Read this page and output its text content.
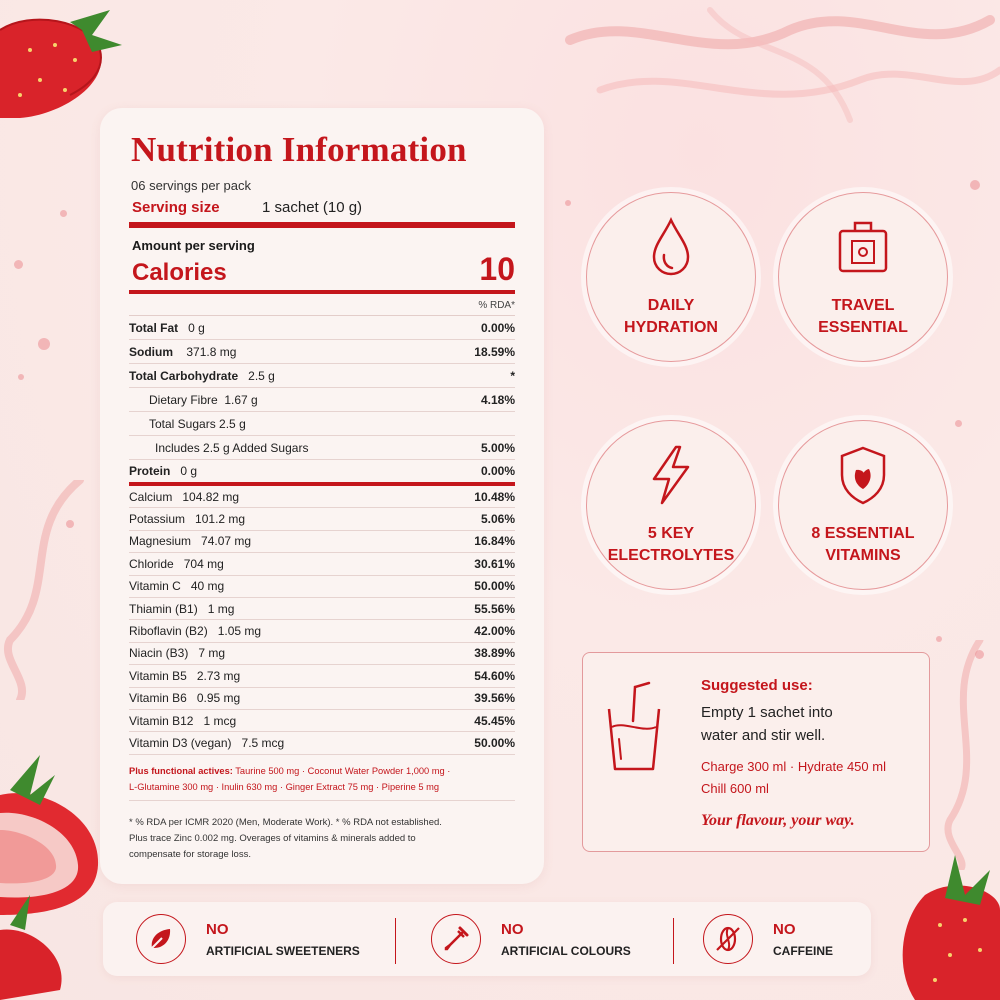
Nutrition Information
06 servings per pack
Serving size	1 sachet (10 g)
Amount per serving
Calories	10
% RDA*
Total Fat 0 g	0.00%
Sodium 371.8 mg	18.59%
Total Carbohydrate 2.5 g	*
Dietary Fibre 1.67 g	4.18%
Total Sugars 2.5 g
Includes 2.5 g Added Sugars	5.00%
Protein 0 g	0.00%
Calcium 104.82 mg	10.48%
Potassium 101.2 mg	5.06%
Magnesium 74.07 mg	16.84%
Chloride 704 mg	30.61%
Vitamin C 40 mg	50.00%
Thiamin (B1) 1 mg	55.56%
Riboflavin (B2) 1.05 mg	42.00%
Niacin (B3) 7 mg	38.89%
Vitamin B5 2.73 mg	54.60%
Vitamin B6 0.95 mg	39.56%
Vitamin B12 1 mcg	45.45%
Vitamin D3 (vegan) 7.5 mcg	50.00%
Plus functional actives: Taurine 500 mg · Coconut Water Powder 1,000 mg ·
L-Glutamine 300 mg · Inulin 630 mg · Ginger Extract 75 mg · Piperine 5 mg
* % RDA per ICMR 2020 (Men, Moderate Work). * % RDA not established.
Plus trace Zinc 0.002 mg. Overages of vitamins & minerals added to
compensate for storage loss.
DAILY
HYDRATION
TRAVEL
ESSENTIAL
5 KEY
ELECTROLYTES
8 ESSENTIAL
VITAMINS
Suggested use:
Empty 1 sachet into
water and stir well.
Charge 300 ml · Hydrate 450 ml
Chill 600 ml
Your flavour, your way.
NO
ARTIFICIAL SWEETENERS
NO
ARTIFICIAL COLOURS
NO
CAFFEINE
